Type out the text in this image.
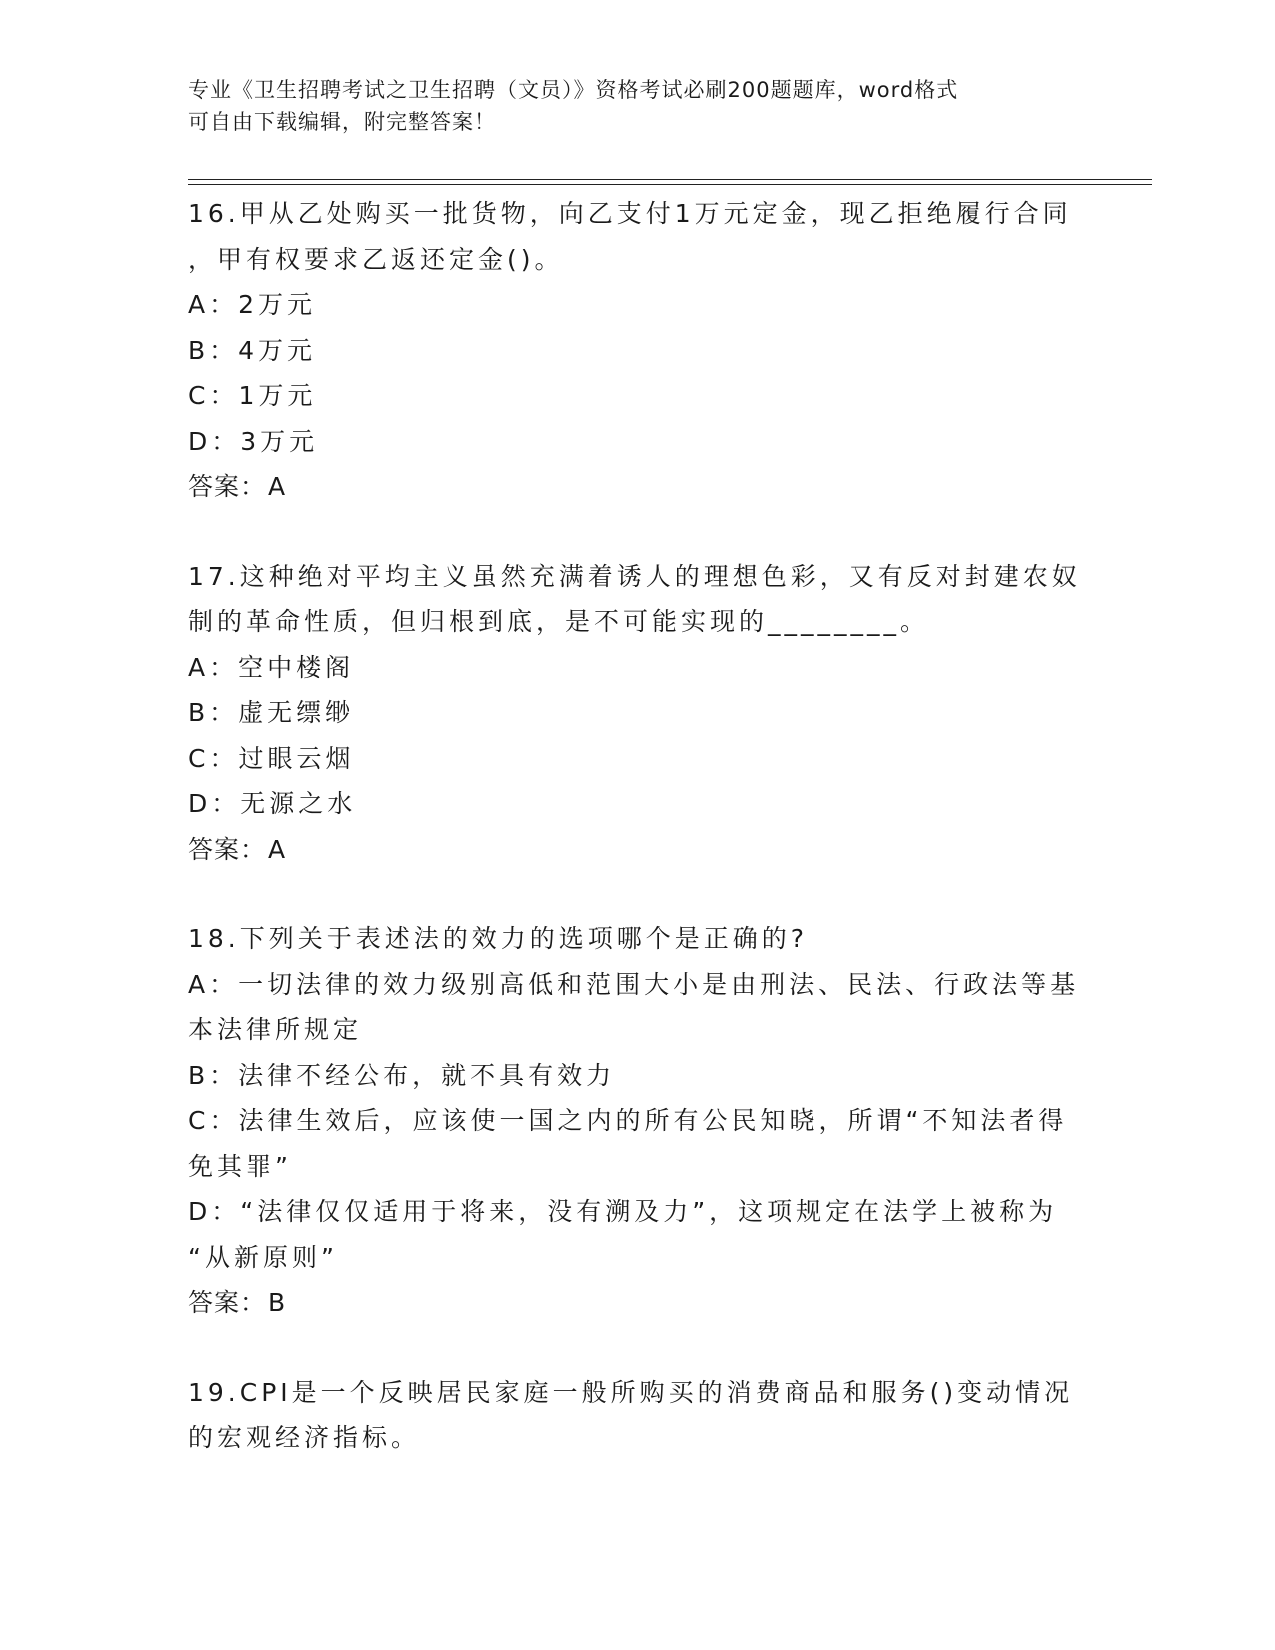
专业《卫生招聘考试之卫生招聘（文员）》资格考试必刷200题题库，word格式
可自由下载编辑，附完整答案！
16.甲从乙处购买一批货物，向乙支付1万元定金，现乙拒绝履行合同
，甲有权要求乙返还定金()。
A：2万元
B：4万元
C：1万元
D：3万元
答案：A
17.这种绝对平均主义虽然充满着诱人的理想色彩，又有反对封建农奴
制的革命性质，但归根到底，是不可能实现的________。
A：空中楼阁
B：虚无缥缈
C：过眼云烟
D：无源之水
答案：A
18.下列关于表述法的效力的选项哪个是正确的?
A：一切法律的效力级别高低和范围大小是由刑法、民法、行政法等基
本法律所规定
B：法律不经公布，就不具有效力
C：法律生效后，应该使一国之内的所有公民知晓，所谓“不知法者得
免其罪”
D：“法律仅仅适用于将来，没有溯及力”，这项规定在法学上被称为
“从新原则”
答案：B
19.CPI是一个反映居民家庭一般所购买的消费商品和服务()变动情况
的宏观经济指标。
